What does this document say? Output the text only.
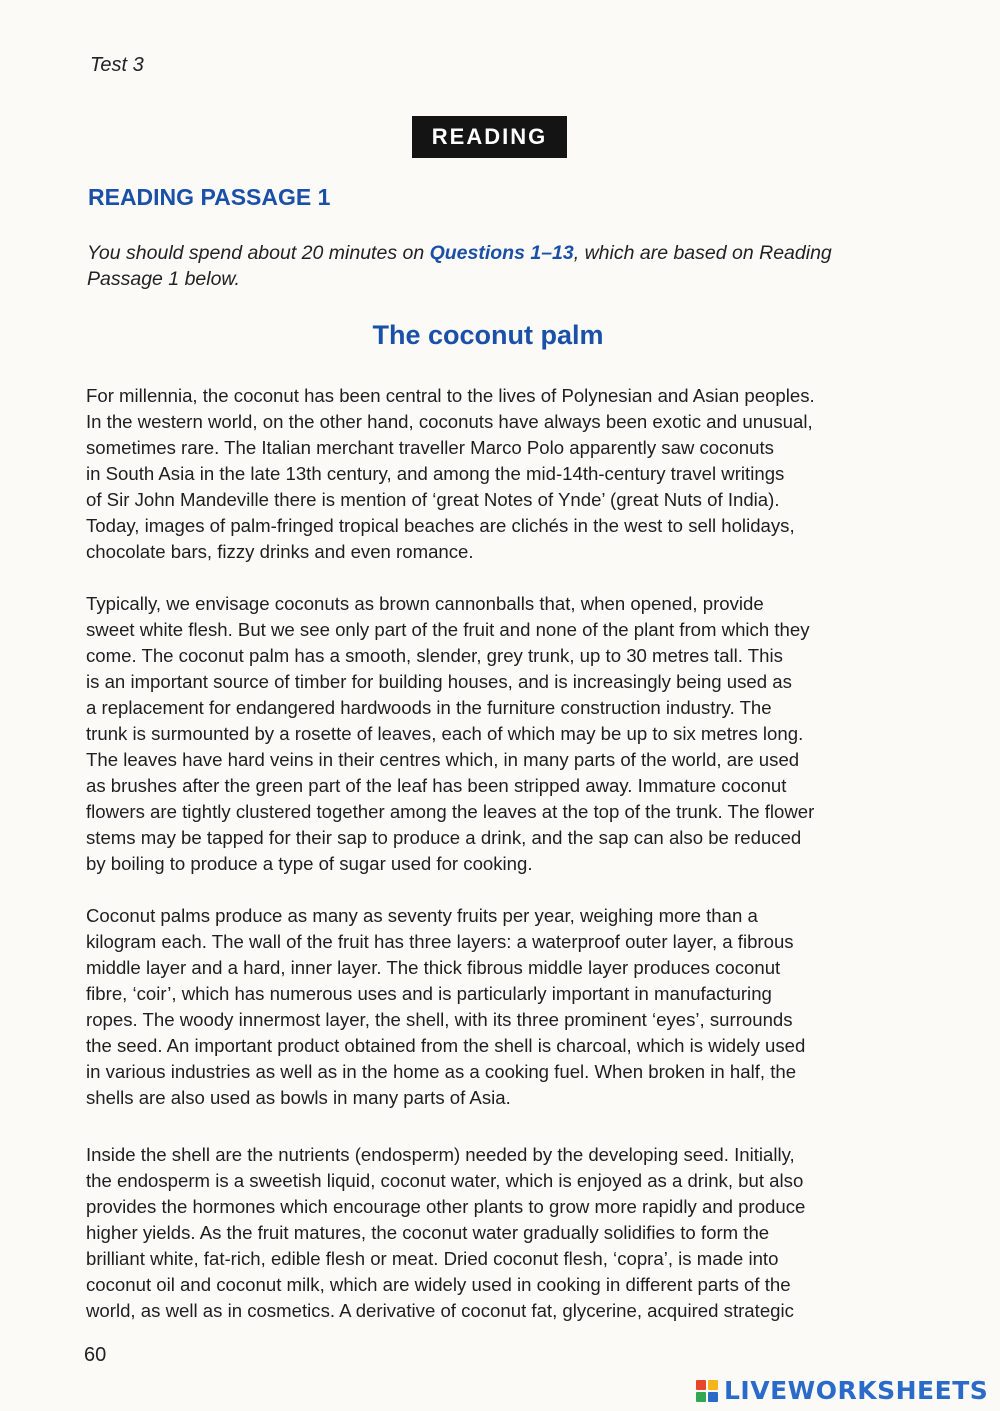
Test 3
READING
READING PASSAGE 1
You should spend about 20 minutes on Questions 1–13, which are based on Reading
Passage 1 below.
The coconut palm
For millennia, the coconut has been central to the lives of Polynesian and Asian peoples.
In the western world, on the other hand, coconuts have always been exotic and unusual,
sometimes rare. The Italian merchant traveller Marco Polo apparently saw coconuts
in South Asia in the late 13th century, and among the mid-14th-century travel writings
of Sir John Mandeville there is mention of ‘great Notes of Ynde’ (great Nuts of India).
Today, images of palm-fringed tropical beaches are clichés in the west to sell holidays,
chocolate bars, fizzy drinks and even romance.
Typically, we envisage coconuts as brown cannonballs that, when opened, provide
sweet white flesh. But we see only part of the fruit and none of the plant from which they
come. The coconut palm has a smooth, slender, grey trunk, up to 30 metres tall. This
is an important source of timber for building houses, and is increasingly being used as
a replacement for endangered hardwoods in the furniture construction industry. The
trunk is surmounted by a rosette of leaves, each of which may be up to six metres long.
The leaves have hard veins in their centres which, in many parts of the world, are used
as brushes after the green part of the leaf has been stripped away. Immature coconut
flowers are tightly clustered together among the leaves at the top of the trunk. The flower
stems may be tapped for their sap to produce a drink, and the sap can also be reduced
by boiling to produce a type of sugar used for cooking.
Coconut palms produce as many as seventy fruits per year, weighing more than a
kilogram each. The wall of the fruit has three layers: a waterproof outer layer, a fibrous
middle layer and a hard, inner layer. The thick fibrous middle layer produces coconut
fibre, ‘coir’, which has numerous uses and is particularly important in manufacturing
ropes. The woody innermost layer, the shell, with its three prominent ‘eyes’, surrounds
the seed. An important product obtained from the shell is charcoal, which is widely used
in various industries as well as in the home as a cooking fuel. When broken in half, the
shells are also used as bowls in many parts of Asia.
Inside the shell are the nutrients (endosperm) needed by the developing seed. Initially,
the endosperm is a sweetish liquid, coconut water, which is enjoyed as a drink, but also
provides the hormones which encourage other plants to grow more rapidly and produce
higher yields. As the fruit matures, the coconut water gradually solidifies to form the
brilliant white, fat-rich, edible flesh or meat. Dried coconut flesh, ‘copra’, is made into
coconut oil and coconut milk, which are widely used in cooking in different parts of the
world, as well as in cosmetics. A derivative of coconut fat, glycerine, acquired strategic
60
LIVEWORKSHEETS
